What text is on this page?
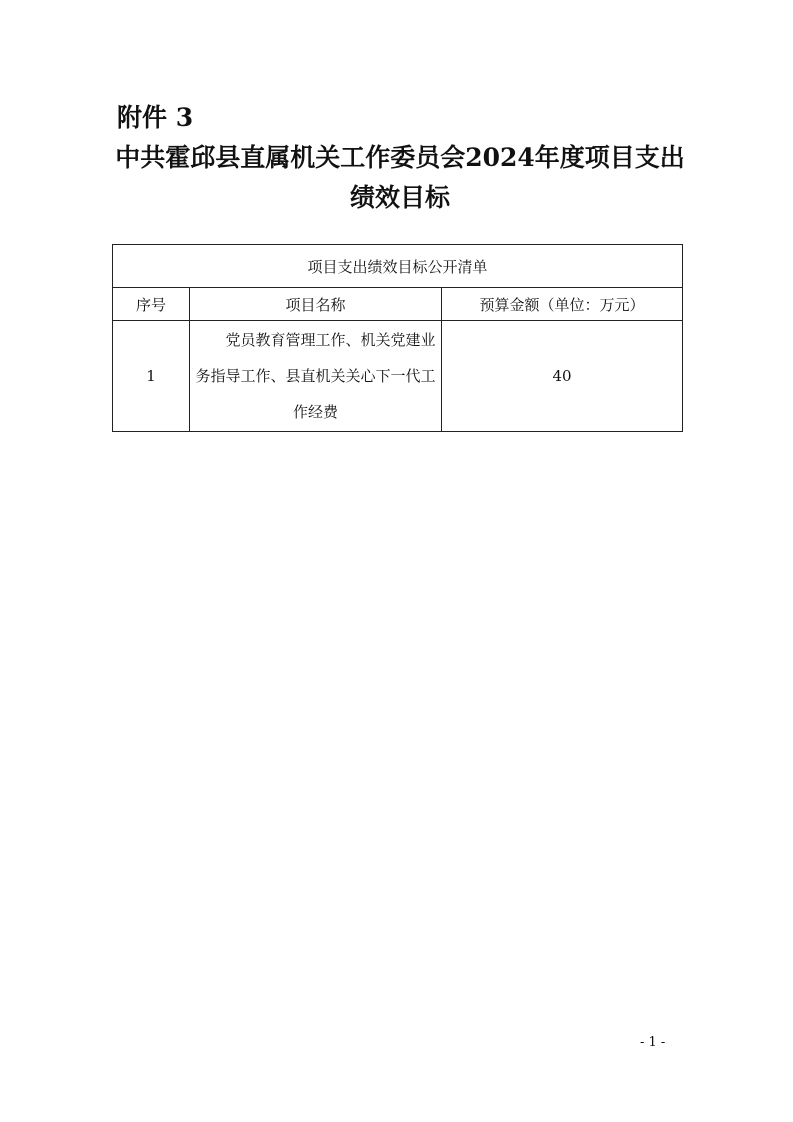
附件 3

中共霍邱县直属机关工作委员会2024年度项目支出
绩效目标
项目支出绩效目标公开清单		
序号	项目名称	预算金额（单位：万元）
1	党员教育管理工作、机关党建业务指导工作、县直机关关心下一代工作经费	40
- 1 -
